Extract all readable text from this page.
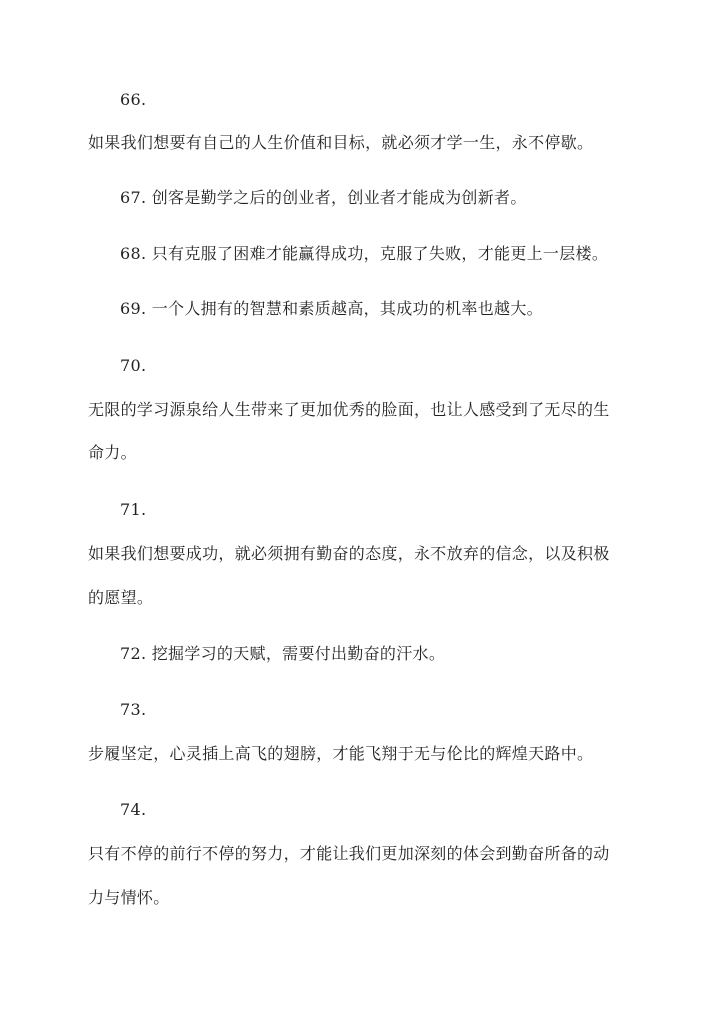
66.
如果我们想要有自己的人生价值和目标，就必须才学一生，永不停歇。
67. 创客是勤学之后的创业者，创业者才能成为创新者。
68. 只有克服了困难才能赢得成功，克服了失败，才能更上一层楼。
69. 一个人拥有的智慧和素质越高，其成功的机率也越大。
70.
无限的学习源泉给人生带来了更加优秀的脸面，也让人感受到了无尽的生
命力。
71.
如果我们想要成功，就必须拥有勤奋的态度，永不放弃的信念，以及积极
的愿望。
72. 挖掘学习的天赋，需要付出勤奋的汗水。
73.
步履坚定，心灵插上高飞的翅膀，才能飞翔于无与伦比的辉煌天路中。
74.
只有不停的前行不停的努力，才能让我们更加深刻的体会到勤奋所备的动
力与情怀。
